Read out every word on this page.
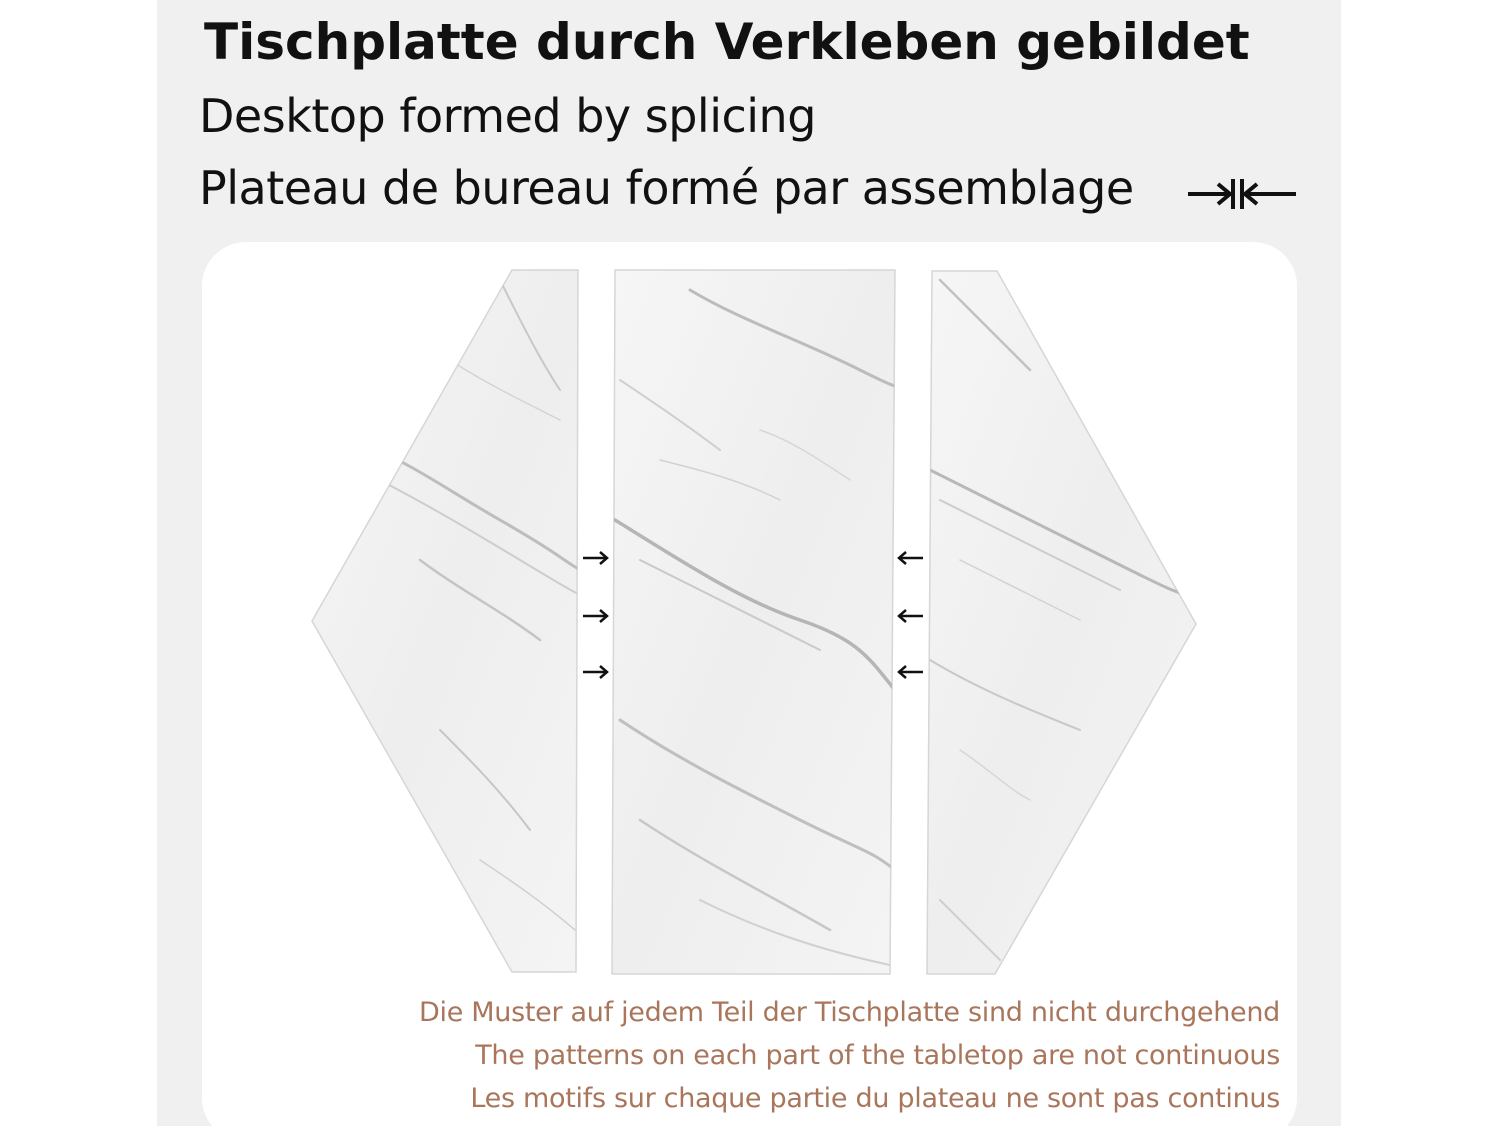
Tischplatte durch Verkleben gebildet
Desktop formed by splicing
Plateau de bureau formé par assemblage

Die Muster auf jedem Teil der Tischplatte sind nicht durchgehend

The patterns on each part of the tabletop are not continuous

Les motifs sur chaque partie du plateau ne sont pas continus
